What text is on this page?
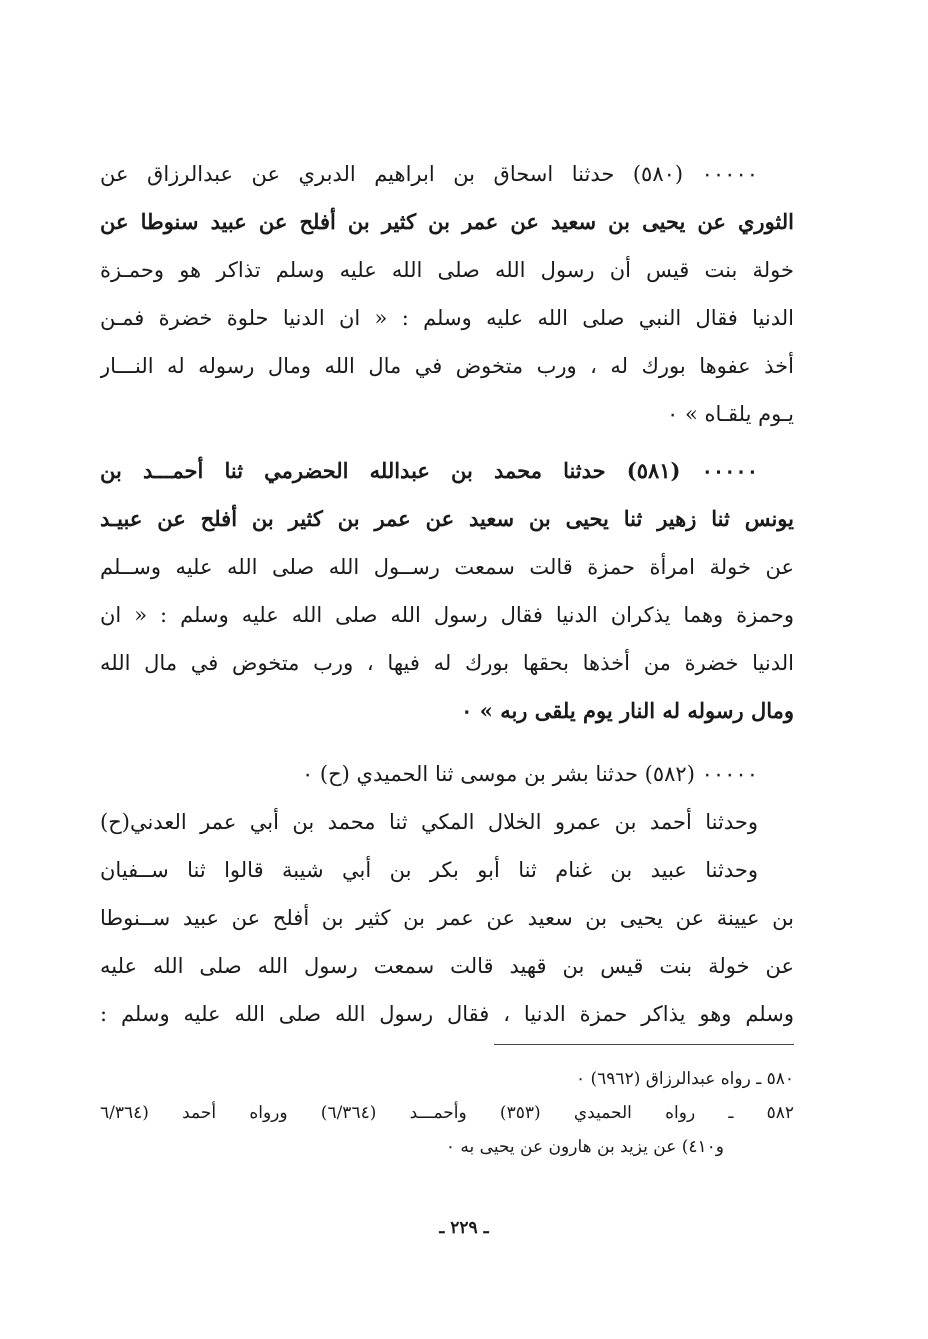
٠٠٠٠٠ (٥٨٠) حدثنا اسحاق بن ابراهيم الدبري عن عبدالرزاق عن
الثوري عن يحيى بن سعيد عن عمر بن كثير بن أفلح عن عبيد سنوطا عن
خولة بنت قيس أن رسول الله صلى الله عليه وسلم تذاكر هو وحمـزة
الدنيا فقال النبي صلى الله عليه وسلم : « ان الدنيا حلوة خضرة فمـن
أخذ عفوها بورك له ، ورب متخوض في مال الله ومال رسوله له النـــار
يـوم يلقـاه » ٠
٠٠٠٠٠ (٥٨١) حدثنا محمد بن عبدالله الحضرمي ثنا أحمـــد بن
يونس ثنا زهير ثنا يحيى بن سعيد عن عمر بن كثير بن أفلح عن عبيـد
عن خولة امرأة حمزة قالت سمعت رســول الله صلى الله عليه وســلم
وحمزة وهما يذكران الدنيا فقال رسول الله صلى الله عليه وسلم : « ان
الدنيا خضرة من أخذها بحقها بورك له فيها ، ورب متخوض في مال الله
ومال رسوله له النار يوم يلقى ربه » ٠
٠٠٠٠٠ (٥٨٢) حدثنا بشر بن موسى ثنا الحميدي (ح) ٠
وحدثنا أحمد بن عمرو الخلال المكي ثنا محمد بن أبي عمر العدني(ح)
وحدثنا عبيد بن غنام ثنا أبو بكر بن أبي شيبة قالوا ثنا ســفيان
بن عيينة عن يحيى بن سعيد عن عمر بن كثير بن أفلح عن عبيد ســنوطا
عن خولة بنت قيس بن قهيد قالت سمعت رسول الله صلى الله عليه
وسلم وهو يذاكر حمزة الدنيا ، فقال رسول الله صلى الله عليه وسلم :
٥٨٠ ـ رواه عبدالرزاق (٦٩٦٢) ٠
٥٨٢ ـ رواه الحميدي (٣٥٣) وأحمـــد (٦/٣٦٤) ورواه أحمد (٦/٣٦٤
و٤١٠) عن يزيد بن هارون عن يحيى به ٠
ـ ٢٢٩ ـ
